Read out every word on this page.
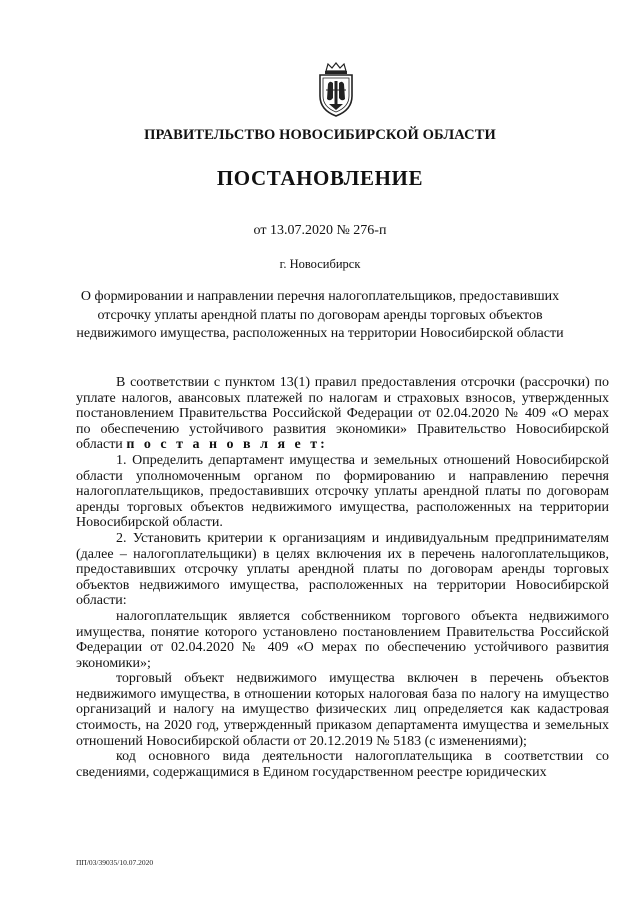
ПРАВИТЕЛЬСТВО НОВОСИБИРСКОЙ ОБЛАСТИ
ПОСТАНОВЛЕНИЕ
от 13.07.2020 № 276-п
г. Новосибирск
О формировании и направлении перечня налогоплательщиков, предоставивших отсрочку уплаты арендной платы по договорам аренды торговых объектов недвижимого имущества, расположенных на территории Новосибирской области

В соответствии с пунктом 13(1) правил предоставления отсрочки (рассрочки) по уплате налогов, авансовых платежей по налогам и страховых взносов, утвержденных постановлением Правительства Российской Федерации от 02.04.2020 № 409 «О мерах по обеспечению устойчивого развития экономики» Правительство Новосибирской области п о с т а н о в л я е т:

1. Определить департамент имущества и земельных отношений Новосибирской области уполномоченным органом по формированию и направлению перечня налогоплательщиков, предоставивших отсрочку уплаты арендной платы по договорам аренды торговых объектов недвижимого имущества, расположенных на территории Новосибирской области.

2. Установить критерии к организациям и индивидуальным предпринимателям (далее – налогоплательщики) в целях включения их в перечень налогоплательщиков, предоставивших отсрочку уплаты арендной платы по договорам аренды торговых объектов недвижимого имущества, расположенных на территории Новосибирской области:

налогоплательщик является собственником торгового объекта недвижимого имущества, понятие которого установлено постановлением Правительства Российской Федерации от 02.04.2020 № 409 «О мерах по обеспечению устойчивого развития экономики»;

торговый объект недвижимого имущества включен в перечень объектов недвижимого имущества, в отношении которых налоговая база по налогу на имущество организаций и налогу на имущество физических лиц определяется как кадастровая стоимость, на 2020 год, утвержденный приказом департамента имущества и земельных отношений Новосибирской области от 20.12.2019 № 5183 (с изменениями);

код основного вида деятельности налогоплательщика в соответствии со сведениями, содержащимися в Едином государственном реестре юридических

ПП/03/39035/10.07.2020
